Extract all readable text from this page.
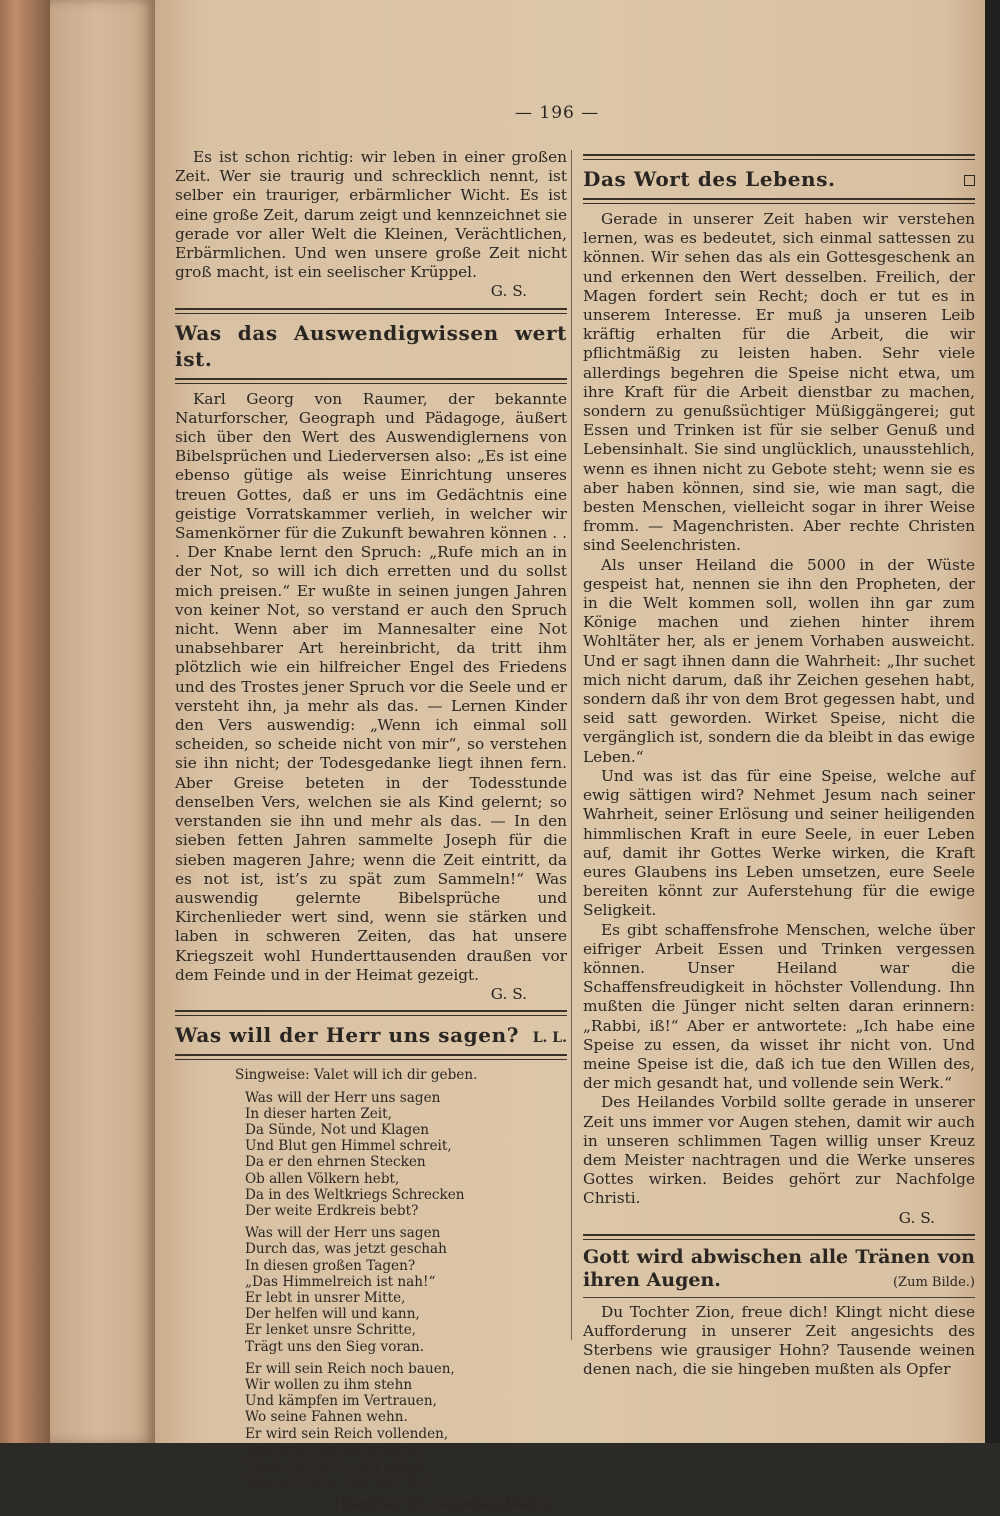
— 196 —

Es ist schon richtig: wir leben in einer großen Zeit. Wer sie traurig und schrecklich nennt, ist selber ein trauriger, erbärmlicher Wicht. Es ist eine große Zeit, darum zeigt und kennzeichnet sie gerade vor aller Welt die Kleinen, Verächtlichen, Erbärmlichen. Und wen unsere große Zeit nicht groß macht, ist ein seelischer Krüppel.

G. S.
Was das Auswendigwissen wert ist.

Karl Georg von Raumer, der bekannte Naturforscher, Geograph und Pädagoge, äußert sich über den Wert des Auswendiglernens von Bibelsprüchen und Liederversen also: „Es ist eine ebenso gütige als weise Einrichtung unseres treuen Gottes, daß er uns im Gedächtnis eine geistige Vorratskammer verlieh, in welcher wir Samenkörner für die Zukunft bewahren können . . . Der Knabe lernt den Spruch: „Rufe mich an in der Not, so will ich dich erretten und du sollst mich preisen.“ Er wußte in seinen jungen Jahren von keiner Not, so verstand er auch den Spruch nicht. Wenn aber im Mannesalter eine Not unabsehbarer Art hereinbricht, da tritt ihm plötzlich wie ein hilfreicher Engel des Friedens und des Trostes jener Spruch vor die Seele und er versteht ihn, ja mehr als das. — Lernen Kinder den Vers auswendig: „Wenn ich einmal soll scheiden, so scheide nicht von mir“, so verstehen sie ihn nicht; der Todesgedanke liegt ihnen fern. Aber Greise beteten in der Todesstunde denselben Vers, welchen sie als Kind gelernt; so verstanden sie ihn und mehr als das. — In den sieben fetten Jahren sammelte Joseph für die sieben mageren Jahre; wenn die Zeit eintritt, da es not ist, ist’s zu spät zum Sammeln!“ Was auswendig gelernte Bibelsprüche und Kirchenlieder wert sind, wenn sie stärken und laben in schweren Zeiten, das hat unsere Kriegszeit wohl Hunderttausenden draußen vor dem Feinde und in der Heimat gezeigt.

G. S.
Was will der Herr uns sagen? L. L.
Singweise: Valet will ich dir geben.
Was will der Herr uns sagen
In dieser harten Zeit,
Da Sünde, Not und Klagen
Und Blut gen Himmel schreit,
Da er den ehrnen Stecken
Ob allen Völkern hebt,
Da in des Weltkriegs Schrecken
Der weite Erdkreis bebt?
Was will der Herr uns sagen
Durch das, was jetzt geschah
In diesen großen Tagen?
„Das Himmelreich ist nah!“
Er lebt in unsrer Mitte,
Der helfen will und kann,
Er lenket unsre Schritte,
Trägt uns den Sieg voran.
Er will sein Reich noch bauen,
Wir wollen zu ihm stehn
Und kämpfen im Vertrauen,
Wo seine Fahnen wehn.
Er wird sein Reich vollenden,
Bald naht das Morgenrot,
Einst wird auf ewig enden
Krieg, Sünde, Not und Tod.
[Berliner Ev. Sonntagsblatt.]
Das Wort des Lebens.

Gerade in unserer Zeit haben wir verstehen lernen, was es bedeutet, sich einmal sattessen zu können. Wir sehen das als ein Gottesgeschenk an und erkennen den Wert desselben. Freilich, der Magen fordert sein Recht; doch er tut es in unserem Interesse. Er muß ja unseren Leib kräftig erhalten für die Arbeit, die wir pflichtmäßig zu leisten haben. Sehr viele allerdings begehren die Speise nicht etwa, um ihre Kraft für die Arbeit dienstbar zu machen, sondern zu genußsüchtiger Müßiggängerei; gut Essen und Trinken ist für sie selber Genuß und Lebensinhalt. Sie sind unglücklich, unausstehlich, wenn es ihnen nicht zu Gebote steht; wenn sie es aber haben können, sind sie, wie man sagt, die besten Menschen, vielleicht sogar in ihrer Weise fromm. — Magenchristen. Aber rechte Christen sind Seelenchristen.

Als unser Heiland die 5000 in der Wüste gespeist hat, nennen sie ihn den Propheten, der in die Welt kommen soll, wollen ihn gar zum Könige machen und ziehen hinter ihrem Wohltäter her, als er jenem Vorhaben ausweicht. Und er sagt ihnen dann die Wahrheit: „Ihr suchet mich nicht darum, daß ihr Zeichen gesehen habt, sondern daß ihr von dem Brot gegessen habt, und seid satt geworden. Wirket Speise, nicht die vergänglich ist, sondern die da bleibt in das ewige Leben.“

Und was ist das für eine Speise, welche auf ewig sättigen wird? Nehmet Jesum nach seiner Wahrheit, seiner Erlösung und seiner heiligenden himmlischen Kraft in eure Seele, in euer Leben auf, damit ihr Gottes Werke wirken, die Kraft eures Glaubens ins Leben umsetzen, eure Seele bereiten könnt zur Auferstehung für die ewige Seligkeit.

Es gibt schaffensfrohe Menschen, welche über eifriger Arbeit Essen und Trinken vergessen können. Unser Heiland war die Schaffensfreudigkeit in höchster Vollendung. Ihn mußten die Jünger nicht selten daran erinnern: „Rabbi, iß!“ Aber er antwortete: „Ich habe eine Speise zu essen, da wisset ihr nicht von. Und meine Speise ist die, daß ich tue den Willen des, der mich gesandt hat, und vollende sein Werk.“

Des Heilandes Vorbild sollte gerade in unserer Zeit uns immer vor Augen stehen, damit wir auch in unseren schlimmen Tagen willig unser Kreuz dem Meister nachtragen und die Werke unseres Gottes wirken. Beides gehört zur Nachfolge Christi.

G. S.
Gott wird abwischen alle Tränen von ihren Augen.	(Zum Bilde.)

Du Tochter Zion, freue dich! Klingt nicht diese Aufforderung in unserer Zeit angesichts des Sterbens wie grausiger Hohn? Tausende weinen denen nach, die sie hingeben mußten als Opfer
